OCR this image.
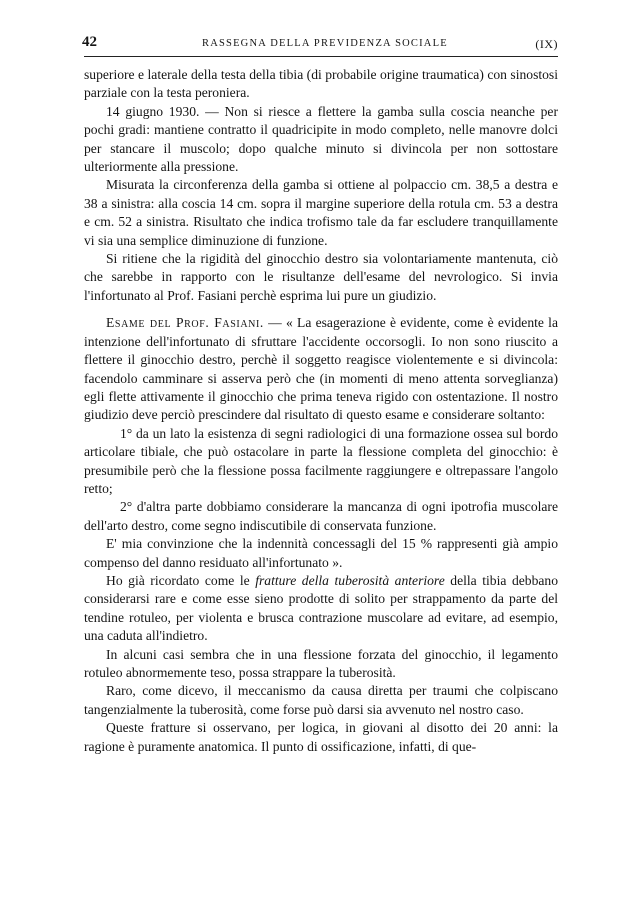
42	RASSEGNA DELLA PREVIDENZA SOCIALE	(IX)

superiore e laterale della testa della tibia (di probabile origine traumatica) con sinostosi parziale con la testa peroniera.

14 giugno 1930. — Non si riesce a flettere la gamba sulla coscia neanche per pochi gradi: mantiene contratto il quadricipite in modo completo, nelle manovre dolci per stancare il muscolo; dopo qualche minuto si divincola per non sottostare ulteriormente alla pressione.

Misurata la circonferenza della gamba si ottiene al polpaccio cm. 38,5 a destra e 38 a sinistra: alla coscia 14 cm. sopra il margine superiore della rotula cm. 53 a destra e cm. 52 a sinistra. Risultato che indica trofismo tale da far escludere tranquillamente vi sia una semplice diminuzione di funzione.

Si ritiene che la rigidità del ginocchio destro sia volontariamente mantenuta, ciò che sarebbe in rapporto con le risultanze dell'esame del nevrologico. Si invia l'infortunato al Prof. Fasiani perchè esprima lui pure un giudizio.

Esame del Prof. Fasiani. — « La esagerazione è evidente, come è evidente la intenzione dell'infortunato di sfruttare l'accidente occorsogli. Io non sono riuscito a flettere il ginocchio destro, perchè il soggetto reagisce violentemente e si divincola: facendolo camminare si asserva però che (in momenti di meno attenta sorveglianza) egli flette attivamente il ginocchio che prima teneva rigido con ostentazione. Il nostro giudizio deve perciò prescindere dal risultato di questo esame e considerare soltanto:

1° da un lato la esistenza di segni radiologici di una formazione ossea sul bordo articolare tibiale, che può ostacolare in parte la flessione completa del ginocchio: è presumibile però che la flessione possa facilmente raggiungere e oltrepassare l'angolo retto;

2° d'altra parte dobbiamo considerare la mancanza di ogni ipotrofia muscolare dell'arto destro, come segno indiscutibile di conservata funzione.

E' mia convinzione che la indennità concessagli del 15 % rappresenti già ampio compenso del danno residuato all'infortunato ».

Ho già ricordato come le fratture della tuberosità anteriore della tibia debbano considerarsi rare e come esse sieno prodotte di solito per strappamento da parte del tendine rotuleo, per violenta e brusca contrazione muscolare ad evitare, ad esempio, una caduta all'indietro.

In alcuni casi sembra che in una flessione forzata del ginocchio, il legamento rotuleo abnormemente teso, possa strappare la tuberosità.

Raro, come dicevo, il meccanismo da causa diretta per traumi che colpiscano tangenzialmente la tuberosità, come forse può darsi sia avvenuto nel nostro caso.

Queste fratture si osservano, per logica, in giovani al disotto dei 20 anni: la ragione è puramente anatomica. Il punto di ossificazione, infatti, di que-
